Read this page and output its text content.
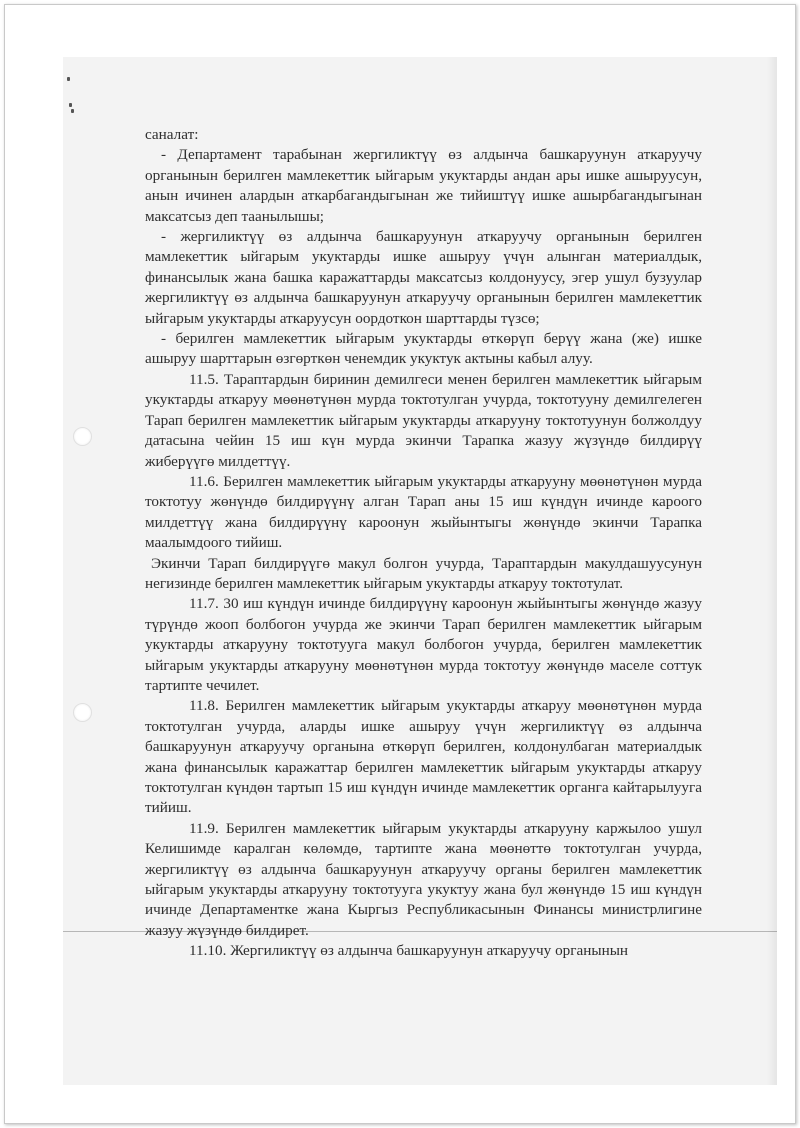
саналат:

- Департамент тарабынан жергиликтүү өз алдынча башкаруунун аткаруучу органынын берилген мамлекеттик ыйгарым укуктарды андан ары ишке ашыруусун, анын ичинен алардын аткарбагандыгынан же тийиштүү ишке ашырбагандыгынан максатсыз деп таанылышы;

- жергиликтүү өз алдынча башкаруунун аткаруучу органынын берилген мамлекеттик ыйгарым укуктарды ишке ашыруу үчүн алынган материалдык, финансылык жана башка каражаттарды максатсыз колдонуусу, эгер ушул бузуулар жергиликтүү өз алдынча башкаруунун аткаруучу органынын берилген мамлекеттик ыйгарым укуктарды аткаруусун оордоткон шарттарды түзсө;

- берилген мамлекеттик ыйгарым укуктарды өткөрүп берүү жана (же) ишке ашыруу шарттарын өзгөрткөн ченемдик укуктук актыны кабыл алуу.

11.5. Тараптардын биринин демилгеси менен берилген мамлекеттик ыйгарым укуктарды аткаруу мөөнөтүнөн мурда токтотулган учурда, токтотууну демилгелеген Тарап берилген мамлекеттик ыйгарым укуктарды аткарууну токтотуунун болжолдуу датасына чейин 15 иш күн мурда экинчи Тарапка жазуу жүзүндө билдирүү жиберүүгө милдеттүү.

11.6. Берилген мамлекеттик ыйгарым укуктарды аткарууну мөөнөтүнөн мурда токтотуу жөнүндө билдирүүнү алган Тарап аны 15 иш күндүн ичинде кароого милдеттүү жана билдирүүнү кароонун жыйынтыгы жөнүндө экинчи Тарапка маалымдоого тийиш.

Экинчи Тарап билдирүүгө макул болгон учурда, Тараптардын макулдашуусунун негизинде берилген мамлекеттик ыйгарым укуктарды аткаруу токтотулат.

11.7. 30 иш күндүн ичинде билдирүүнү кароонун жыйынтыгы жөнүндө жазуу түрүндө жооп болбогон учурда же экинчи Тарап берилген мамлекеттик ыйгарым укуктарды аткарууну токтотууга макул болбогон учурда, берилген мамлекеттик ыйгарым укуктарды аткарууну мөөнөтүнөн мурда токтотуу жөнүндө маселе соттук тартипте чечилет.

11.8. Берилген мамлекеттик ыйгарым укуктарды аткаруу мөөнөтүнөн мурда токтотулган учурда, аларды ишке ашыруу үчүн жергиликтүү өз алдынча башкаруунун аткаруучу органына өткөрүп берилген, колдонулбаган материалдык жана финансылык каражаттар берилген мамлекеттик ыйгарым укуктарды аткаруу токтотулган күндөн тартып 15 иш күндүн ичинде мамлекеттик органга кайтарылууга тийиш.

11.9. Берилген мамлекеттик ыйгарым укуктарды аткарууну каржылоо ушул Келишимде каралган көлөмдө, тартипте жана мөөнөттө токтотулган учурда, жергиликтүү өз алдынча башкаруунун аткаруучу органы берилген мамлекеттик ыйгарым укуктарды аткарууну токтотууга укуктуу жана бул жөнүндө 15 иш күндүн ичинде Департаментке жана Кыргыз Республикасынын Финансы министрлигине жазуу жүзүндө билдирет.

11.10. Жергиликтүү өз алдынча башкаруунун аткаруучу органынын
